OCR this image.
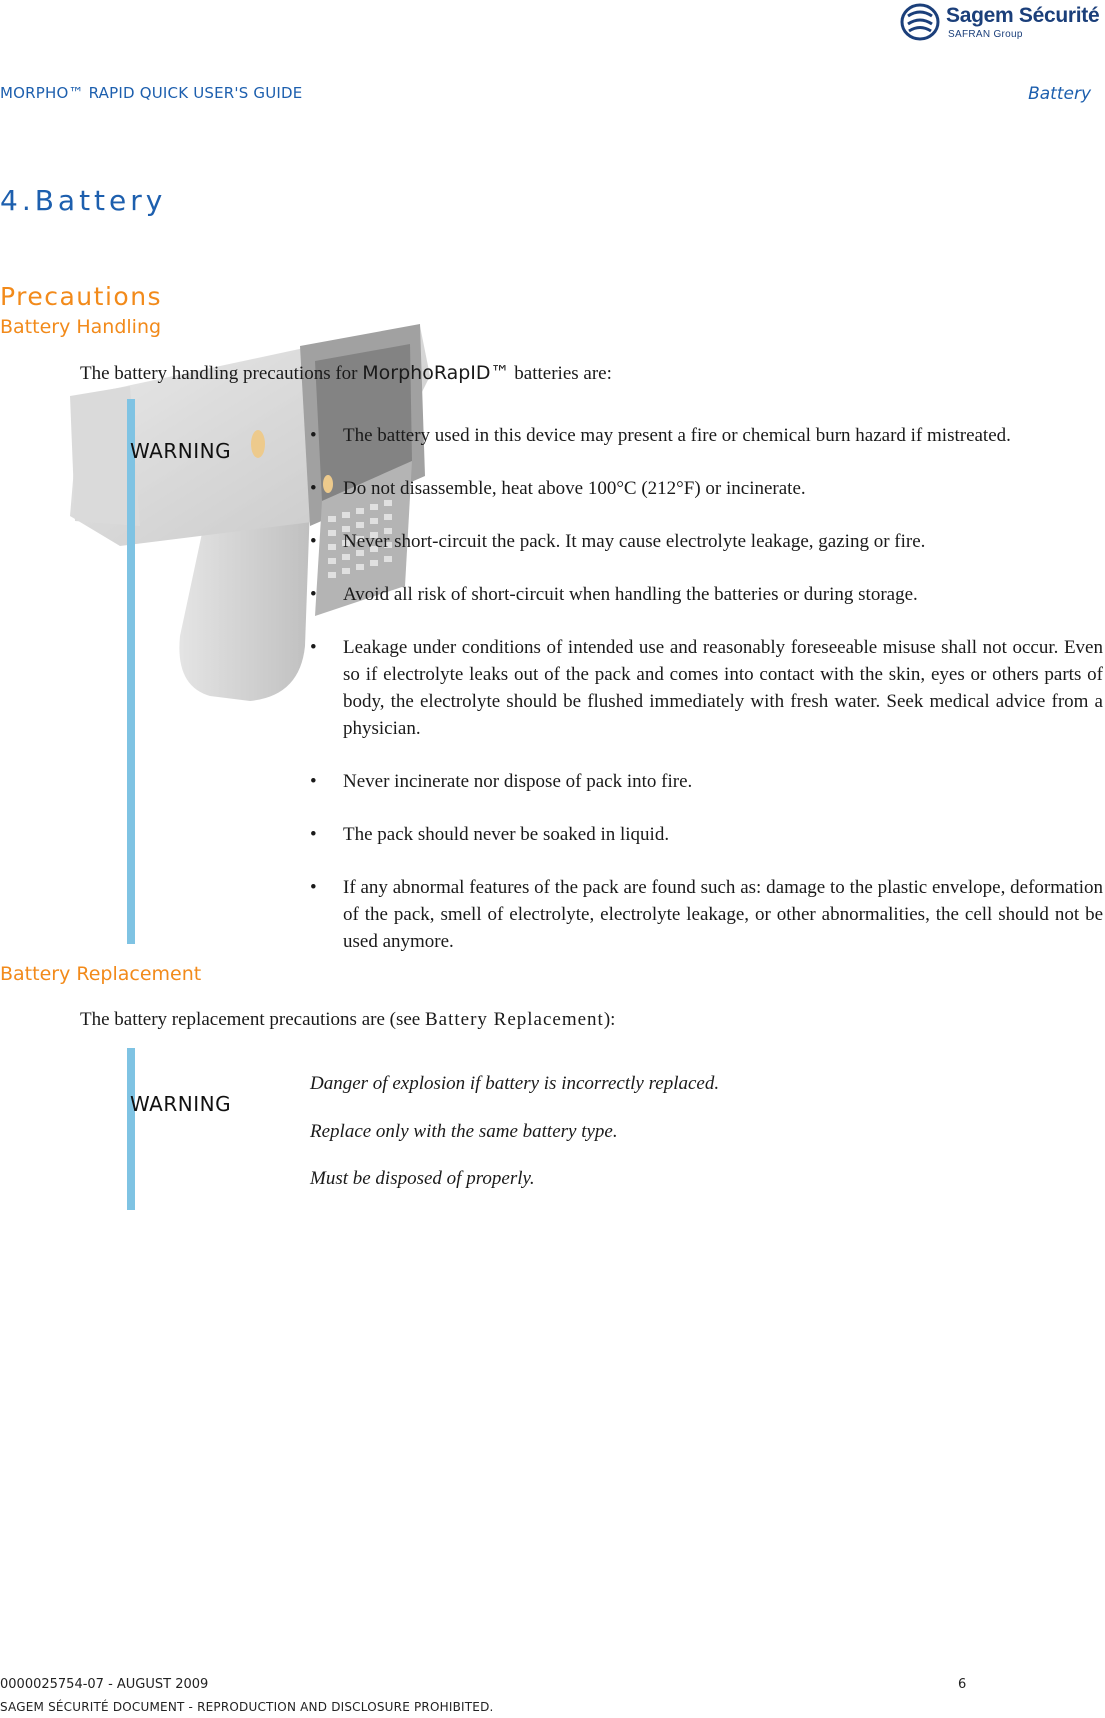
Sagem Sécurité
SAFRAN Group
MORPHO™ RAPID QUICK USER'S GUIDE	Battery
4.Battery
Precautions
Battery Handling
The battery handling precautions for MorphoRapID™ batteries are:
WARNING
• The battery used in this device may present a fire or chemical burn hazard if mistreated.
• Do not disassemble, heat above 100°C (212°F) or incinerate.
• Never short-circuit the pack. It may cause electrolyte leakage, gazing or fire.
• Avoid all risk of short-circuit when handling the batteries or during storage.
• Leakage under conditions of intended use and reasonably foreseeable misuse shall not occur. Even so if electrolyte leaks out of the pack and comes into contact with the skin, eyes or others parts of body, the electrolyte should be flushed immediately with fresh water. Seek medical advice from a physician.
• Never incinerate nor dispose of pack into fire.
• The pack should never be soaked in liquid.
• If any abnormal features of the pack are found such as: damage to the plastic envelope, deformation of the pack, smell of electrolyte, electrolyte leakage, or other abnormalities, the cell should not be used anymore.
Battery Replacement
The battery replacement precautions are (see Battery Replacement):
WARNING
Danger of explosion if battery is incorrectly replaced.
Replace only with the same battery type.
Must be disposed of properly.
0000025754-07 - AUGUST 2009	6
SAGEM SÉCURITÉ DOCUMENT - REPRODUCTION AND DISCLOSURE PROHIBITED.
